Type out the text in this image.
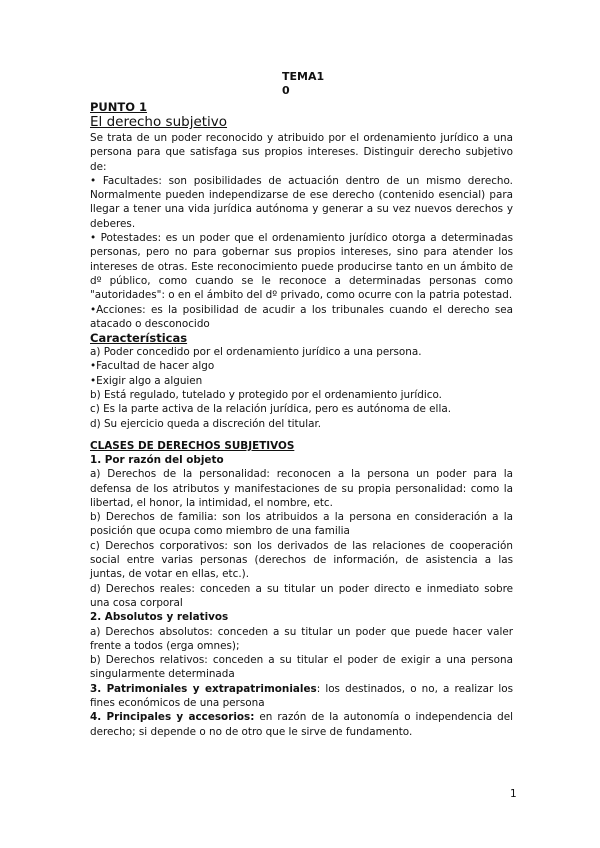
TEMA1
0

PUNTO 1

El derecho subjetivo

Se trata de un poder reconocido y atribuido por el ordenamiento jurídico a una persona para que satisfaga sus propios intereses. Distinguir derecho subjetivo de:

• Facultades: son posibilidades de actuación dentro de un mismo derecho. Normalmente pueden independizarse de ese derecho (contenido esencial) para llegar a tener una vida jurídica autónoma y generar a su vez nuevos derechos y deberes.

• Potestades: es un poder que el ordenamiento jurídico otorga a determinadas personas, pero no para gobernar sus propios intereses, sino para atender los intereses de otras. Este reconocimiento puede producirse tanto en un ámbito de dº público, como cuando se le reconoce a determinadas personas como "autoridades": o en el ámbito del dº privado, como ocurre con la patria potestad.

•Acciones: es la posibilidad de acudir a los tribunales cuando el derecho sea atacado o desconocido

Características

a) Poder concedido por el ordenamiento jurídico a una persona.

•Facultad de hacer algo

•Exigir algo a alguien

b) Está regulado, tutelado y protegido por el ordenamiento jurídico.

c) Es la parte activa de la relación jurídica, pero es autónoma de ella.

d) Su ejercicio queda a discreción del titular.

CLASES DE DERECHOS SUBJETIVOS

1. Por razón del objeto

a) Derechos de la personalidad: reconocen a la persona un poder para la defensa de los atributos y manifestaciones de su propia personalidad: como la libertad, el honor, la intimidad, el nombre, etc.

b) Derechos de familia: son los atribuidos a la persona en consideración a la posición que ocupa como miembro de una familia

c) Derechos corporativos: son los derivados de las relaciones de cooperación social entre varias personas (derechos de información, de asistencia a las juntas, de votar en ellas, etc.).

d) Derechos reales: conceden a su titular un poder directo e inmediato sobre una cosa corporal

2. Absolutos y relativos

a) Derechos absolutos: conceden a su titular un poder que puede hacer valer frente a todos (erga omnes);

b) Derechos relativos: conceden a su titular el poder de exigir a una persona singularmente determinada

3. Patrimoniales y extrapatrimoniales: los destinados, o no, a realizar los fines económicos de una persona

4. Principales y accesorios: en razón de la autonomía o independencia del derecho; si depende o no de otro que le sirve de fundamento.

1
